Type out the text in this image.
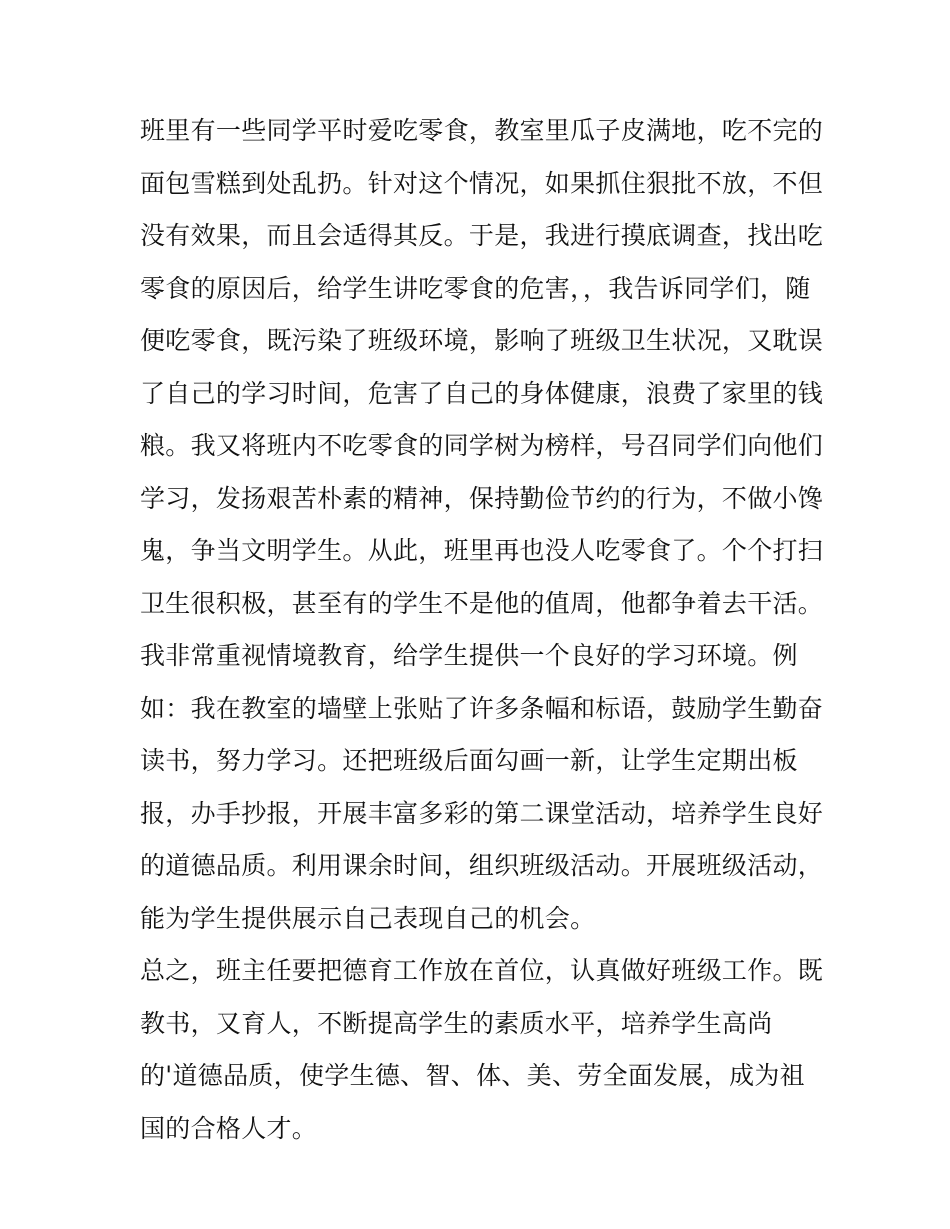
班里有一些同学平时爱吃零食，教室里瓜子皮满地，吃不完的
面包雪糕到处乱扔。针对这个情况，如果抓住狠批不放，不但
没有效果，而且会适得其反。于是，我进行摸底调查，找出吃
零食的原因后，给学生讲吃零食的危害，，我告诉同学们，随
便吃零食，既污染了班级环境，影响了班级卫生状况，又耽误
了自己的学习时间，危害了自己的身体健康，浪费了家里的钱
粮。我又将班内不吃零食的同学树为榜样，号召同学们向他们
学习，发扬艰苦朴素的精神，保持勤俭节约的行为，不做小馋
鬼，争当文明学生。从此，班里再也没人吃零食了。个个打扫
卫生很积极，甚至有的学生不是他的值周，他都争着去干活。
我非常重视情境教育，给学生提供一个良好的学习环境。例
如：我在教室的墙壁上张贴了许多条幅和标语，鼓励学生勤奋
读书，努力学习。还把班级后面勾画一新，让学生定期出板
报，办手抄报，开展丰富多彩的第二课堂活动，培养学生良好
的道德品质。利用课余时间，组织班级活动。开展班级活动，
能为学生提供展示自己表现自己的机会。
总之，班主任要把德育工作放在首位，认真做好班级工作。既
教书，又育人，不断提高学生的素质水平，培养学生高尚
的'道德品质，使学生德、智、体、美、劳全面发展，成为祖
国的合格人才。
